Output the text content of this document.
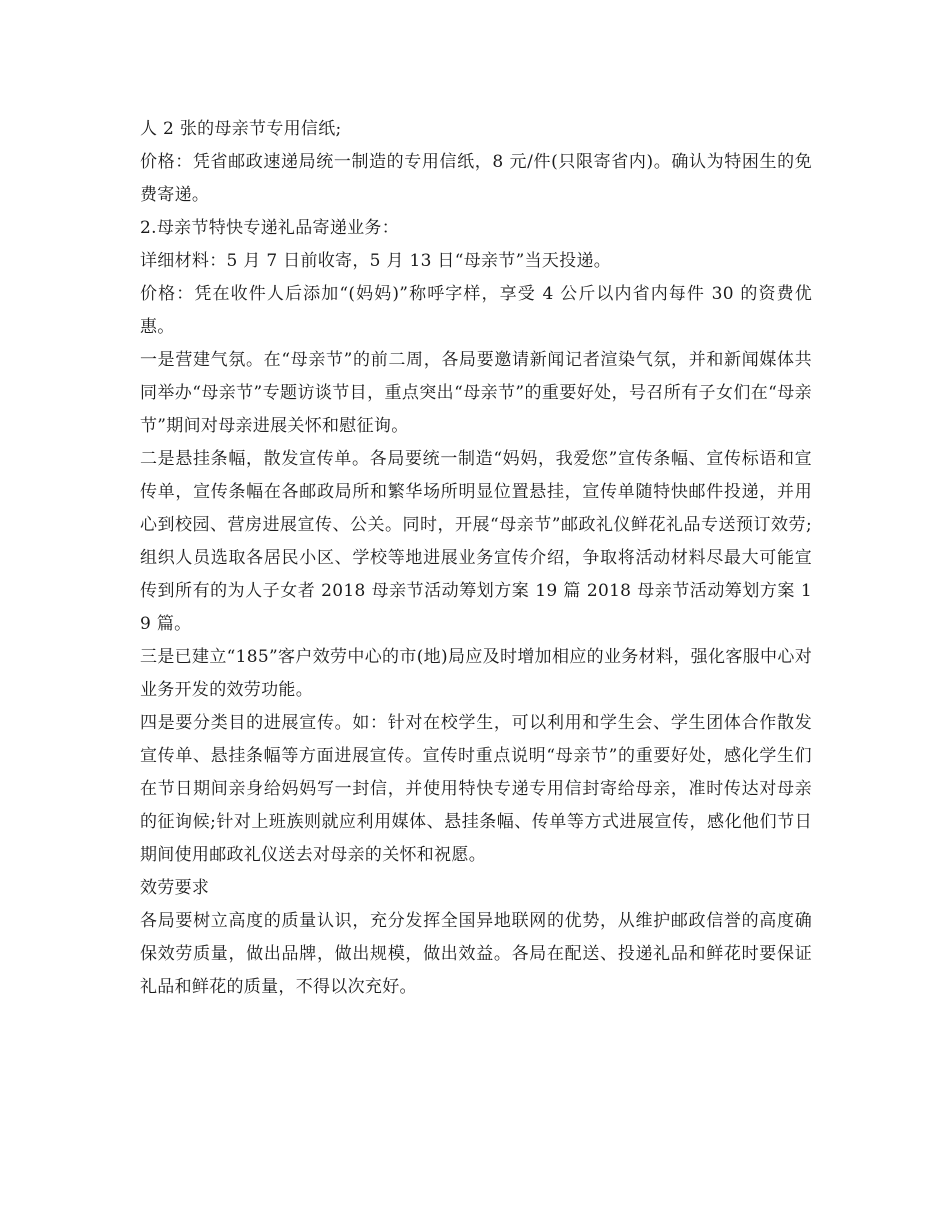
人 2 张的母亲节专用信纸;

价格：凭省邮政速递局统一制造的专用信纸，8 元/件(只限寄省内)。确认为特困生的免费寄递。

2.母亲节特快专递礼品寄递业务：

详细材料：5 月 7 日前收寄，5 月 13 日“母亲节”当天投递。

价格：凭在收件人后添加“(妈妈)”称呼字样，享受 4 公斤以内省内每件 30 的资费优惠。

一是营建气氛。在“母亲节”的前二周，各局要邀请新闻记者渲染气氛，并和新闻媒体共同举办“母亲节”专题访谈节目，重点突出“母亲节”的重要好处，号召所有子女们在“母亲节”期间对母亲进展关怀和慰征询。

二是悬挂条幅，散发宣传单。各局要统一制造“妈妈，我爱您”宣传条幅、宣传标语和宣传单，宣传条幅在各邮政局所和繁华场所明显位置悬挂，宣传单随特快邮件投递，并用心到校园、营房进展宣传、公关。同时，开展“母亲节”邮政礼仪鲜花礼品专送预订效劳;组织人员选取各居民小区、学校等地进展业务宣传介绍，争取将活动材料尽最大可能宣传到所有的为人子女者 2018 母亲节活动筹划方案 19 篇 2018 母亲节活动筹划方案 19 篇。

三是已建立“185”客户效劳中心的市(地)局应及时增加相应的业务材料，强化客服中心对业务开发的效劳功能。

四是要分类目的进展宣传。如：针对在校学生，可以利用和学生会、学生团体合作散发宣传单、悬挂条幅等方面进展宣传。宣传时重点说明“母亲节”的重要好处，感化学生们在节日期间亲身给妈妈写一封信，并使用特快专递专用信封寄给母亲，准时传达对母亲的征询候;针对上班族则就应利用媒体、悬挂条幅、传单等方式进展宣传，感化他们节日期间使用邮政礼仪送去对母亲的关怀和祝愿。

效劳要求

各局要树立高度的质量认识，充分发挥全国异地联网的优势，从维护邮政信誉的高度确保效劳质量，做出品牌，做出规模，做出效益。各局在配送、投递礼品和鲜花时要保证礼品和鲜花的质量，不得以次充好。
